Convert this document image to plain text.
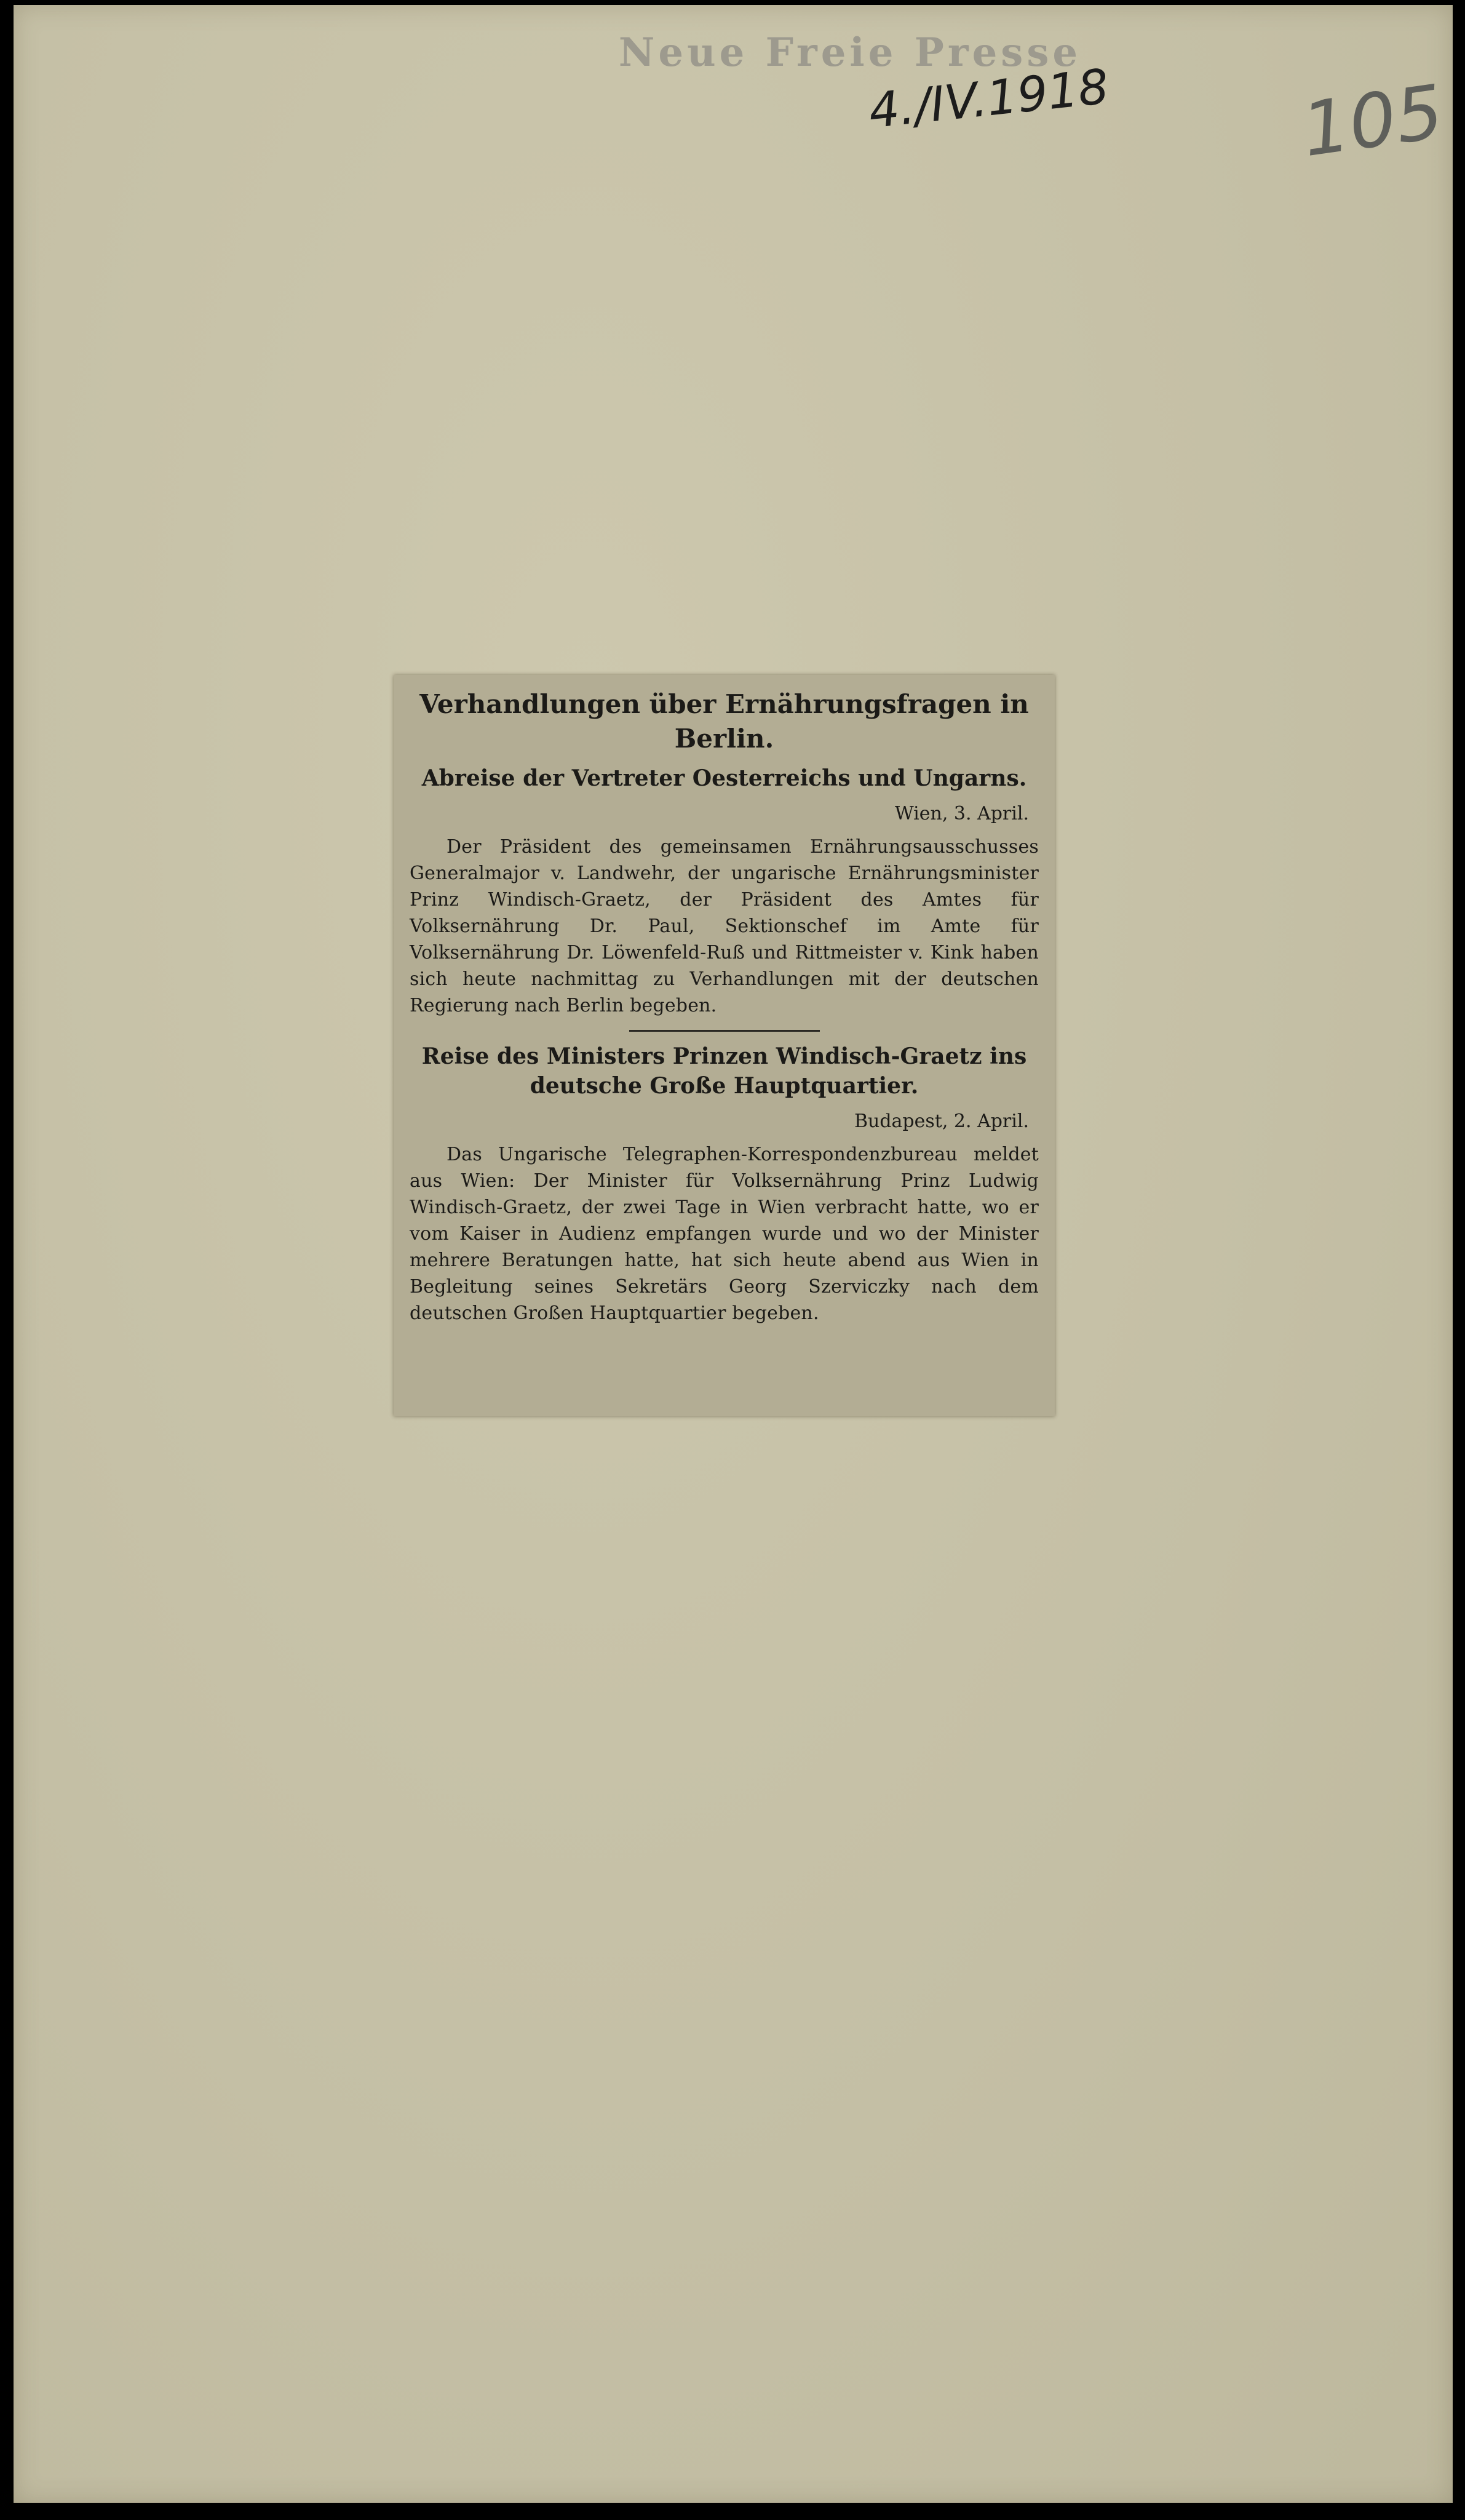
Neue Freie Presse
4./IV.1918	105
Verhandlungen über Ernährungsfragen in Berlin.
Abreise der Vertreter Oesterreichs und Ungarns.
Wien, 3. April.

Der Präsident des gemeinsamen Ernährungsausschusses Generalmajor v. Landwehr, der ungarische Ernährungsminister Prinz Windisch-Graetz, der Präsident des Amtes für Volksernährung Dr. Paul, Sektionschef im Amte für Volksernährung Dr. Löwenfeld-Ruß und Rittmeister v. Kink haben sich heute nachmittag zu Verhandlungen mit der deutschen Regierung nach Berlin begeben.

Reise des Ministers Prinzen Windisch-Graetz ins deutsche Große Hauptquartier.
Budapest, 2. April.

Das Ungarische Telegraphen-Korrespondenzbureau meldet aus Wien: Der Minister für Volksernährung Prinz Ludwig Windisch-Graetz, der zwei Tage in Wien verbracht hatte, wo er vom Kaiser in Audienz empfangen wurde und wo der Minister mehrere Beratungen hatte, hat sich heute abend aus Wien in Begleitung seines Sekretärs Georg Szerviczky nach dem deutschen Großen Hauptquartier begeben.
